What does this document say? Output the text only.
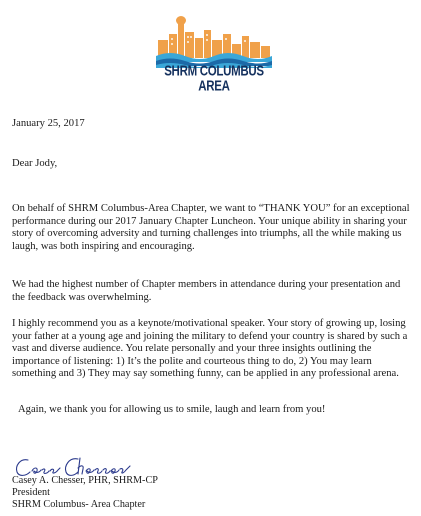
SHRM COLUMBUS AREA
January 25, 2017
Dear Jody,
On behalf of SHRM Columbus-Area Chapter, we want to “THANK YOU” for an exceptional performance during our 2017 January Chapter Luncheon. Your unique ability in sharing your story of overcoming adversity and turning challenges into triumphs, all the while making us laugh, was both inspiring and encouraging.
We had the highest number of Chapter members in attendance during your presentation and the feedback was overwhelming.
I highly recommend you as a keynote/motivational speaker. Your story of growing up, losing your father at a young age and joining the military to defend your country is shared by such a vast and diverse audience. You relate personally and your three insights outlining the importance of listening: 1) It’s the polite and courteous thing to do, 2) You may learn something and 3) They may say something funny, can be applied in any professional arena.
Again, we thank you for allowing us to smile, laugh and learn from you!
Casey A. Chesser, PHR, SHRM-CP
President
SHRM Columbus- Area Chapter
